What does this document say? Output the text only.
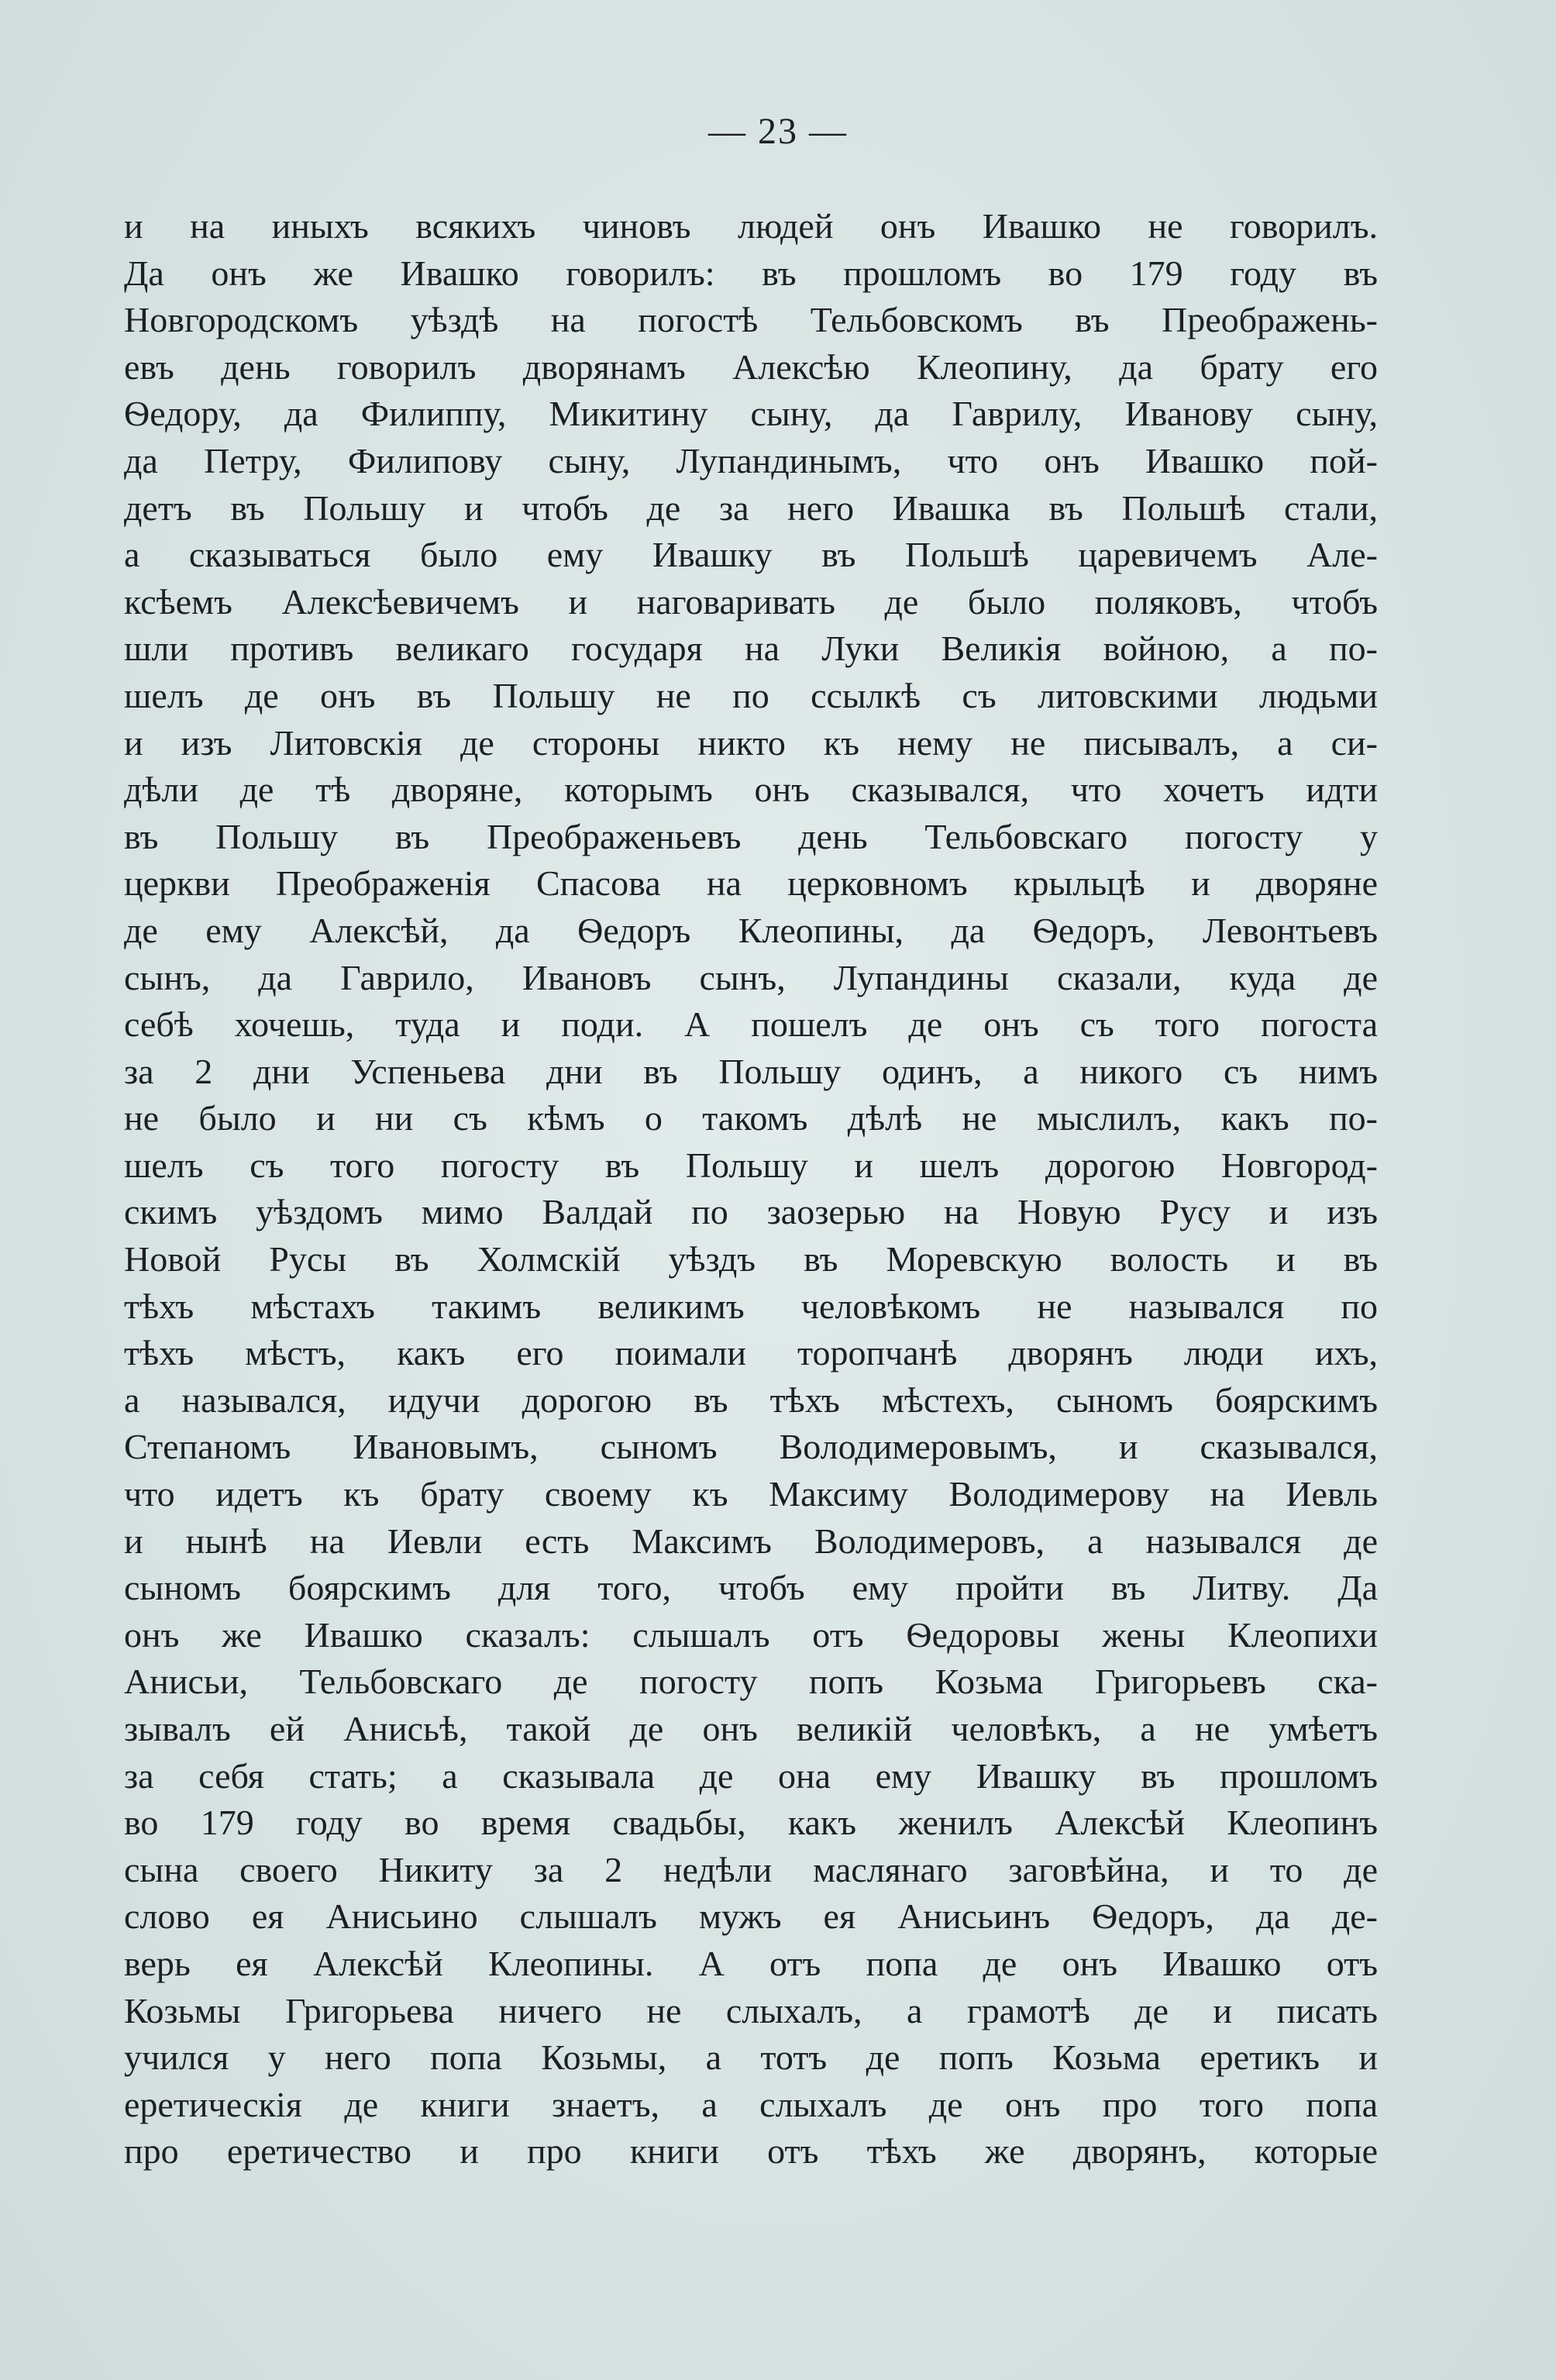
— 23 —
и на иныхъ всякихъ чиновъ людей онъ Ивашко не говорилъ.
Да онъ же Ивашко говорилъ: въ прошломъ во 179 году въ
Новгородскомъ уѣздѣ на погостѣ Тельбовскомъ въ Преображень-
евъ день говорилъ дворянамъ Алексѣю Клеопину, да брату его
Ѳедору, да Филиппу, Микитину сыну, да Гаврилу, Иванову сыну,
да Петру, Филипову сыну, Лупандинымъ, что онъ Ивашко пой-
детъ въ Польшу и чтобъ де за него Ивашка въ Польшѣ стали,
а сказываться было ему Ивашку въ Польшѣ царевичемъ Але-
ксѣемъ Алексѣевичемъ и наговаривать де было поляковъ, чтобъ
шли противъ великаго государя на Луки Великія войною, а по-
шелъ де онъ въ Польшу не по ссылкѣ съ литовскими людьми
и изъ Литовскія де стороны никто къ нему не писывалъ, а си-
дѣли де тѣ дворяне, которымъ онъ сказывался, что хочетъ идти
въ Польшу въ Преображеньевъ день Тельбовскаго погосту у
церкви Преображенія Спасова на церковномъ крыльцѣ и дворяне
де ему Алексѣй, да Ѳедоръ Клеопины, да Ѳедоръ, Левонтьевъ
сынъ, да Гаврило, Ивановъ сынъ, Лупандины сказали, куда де
себѣ хочешь, туда и поди. А пошелъ де онъ съ того погоста
за 2 дни Успеньева дни въ Польшу одинъ, а никого съ нимъ
не было и ни съ кѣмъ о такомъ дѣлѣ не мыслилъ, какъ по-
шелъ съ того погосту въ Польшу и шелъ дорогою Новгород-
скимъ уѣздомъ мимо Валдай по заозерью на Новую Русу и изъ
Новой Русы въ Холмскій уѣздъ въ Моревскую волость и въ
тѣхъ мѣстахъ такимъ великимъ человѣкомъ не назывался по
тѣхъ мѣстъ, какъ его поимали торопчанѣ дворянъ люди ихъ,
а назывался, идучи дорогою въ тѣхъ мѣстехъ, сыномъ боярскимъ
Степаномъ Ивановымъ, сыномъ Володимеровымъ, и сказывался,
что идетъ къ брату своему къ Максиму Володимерову на Иевль
и нынѣ на Иевли есть Максимъ Володимеровъ, а назывался де
сыномъ боярскимъ для того, чтобъ ему пройти въ Литву. Да
онъ же Ивашко сказалъ: слышалъ отъ Ѳедоровы жены Клеопихи
Анисьи, Тельбовскаго де погосту попъ Козьма Григорьевъ ска-
зывалъ ей Анисьѣ, такой де онъ великій человѣкъ, а не умѣетъ
за себя стать; а сказывала де она ему Ивашку въ прошломъ
во 179 году во время свадьбы, какъ женилъ Алексѣй Клеопинъ
сына своего Никиту за 2 недѣли маслянаго заговѣйна, и то де
слово ея Анисьино слышалъ мужъ ея Анисьинъ Ѳедоръ, да де-
верь ея Алексѣй Клеопины. А отъ попа де онъ Ивашко отъ
Козьмы Григорьева ничего не слыхалъ, а грамотѣ де и писать
учился у него попа Козьмы, а тотъ де попъ Козьма еретикъ и
еретическія де книги знаетъ, а слыхалъ де онъ про того попа
про еретичество и про книги отъ тѣхъ же дворянъ, которые
